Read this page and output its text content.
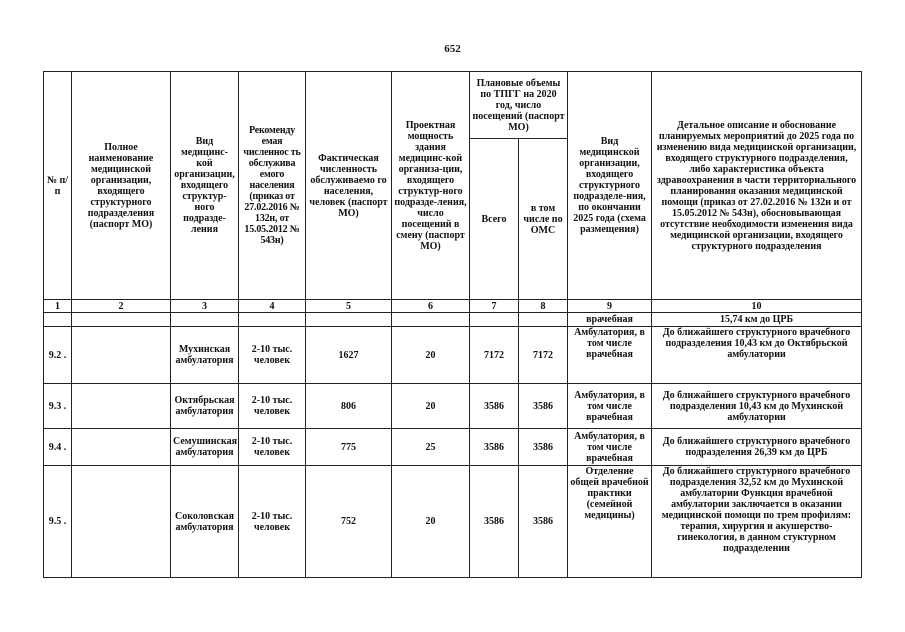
652
№ п/п	Полное наименование медицинской организации, входящего структурного подразделения (паспорт МО)	Вид медицинс-кой организации, входящего структур-ного подразде-ления	Рекоменду емая численнос ть обслужива емого населения (приказ от 27.02.2016 № 132н, от 15.05.2012 № 543н)	Фактическая численность обслуживаемо го населения, человек (паспорт МО)	Проектная мощность здания медицинс-кой организа-ции, входящего структур-ного подразде-ления, число посещений в смену (паспорт МО)	Плановые объемы по ТПГГ на 2020 год, число посещений (паспорт МО)		Вид медицинской организации, входящего структурного подразделе-ния, по окончании 2025 года (схема размещения)	Детальное описание и обоснование планируемых мероприятий до 2025 года по изменению вида медицинской организации, входящего структурного подразделения, либо характеристика объекта здравоохранения в части территориального планирования оказания медицинской помощи (приказ от 27.02.2016 № 132н и от 15.05.2012 № 543н), обосновывающая отсутствие необходимости изменения вида медицинской организации, входящего структурного подразделения
						Всего	в том числе по ОМС		
1	2	3	4	5	6	7	8	9	10
								врачебная	15,74 км до ЦРБ
9.2 .		Мухинская амбулатория	2-10 тыс. человек	1627	20	7172	7172	Амбулатория, в том числе врачебная	До ближайшего структурного врачебного подразделения 10,43 км до Октябрьской амбулатории
9.3 .		Октябрьская амбулатория	2-10 тыс. человек	806	20	3586	3586	Амбулатория, в том числе врачебная	До ближайшего структурного врачебного подразделения 10,43 км до Мухинской амбулатории
9.4 .		Семушинская амбулатория	2-10 тыс. человек	775	25	3586	3586	Амбулатория, в том числе врачебная	До ближайшего структурного врачебного подразделения 26,39 км до ЦРБ
9.5 .		Соколовская амбулатория	2-10 тыс. человек	752	20	3586	3586	Отделение общей врачебной практики (семейной медицины)	До ближайшего структурного врачебного подразделения 32,52 км до Мухинской амбулатории Функция врачебной амбулатории заключается в оказании медицинской помощи по трем профилям: терапия, хирургия и акушерство-гинекология, в данном стуктурном подразделении
